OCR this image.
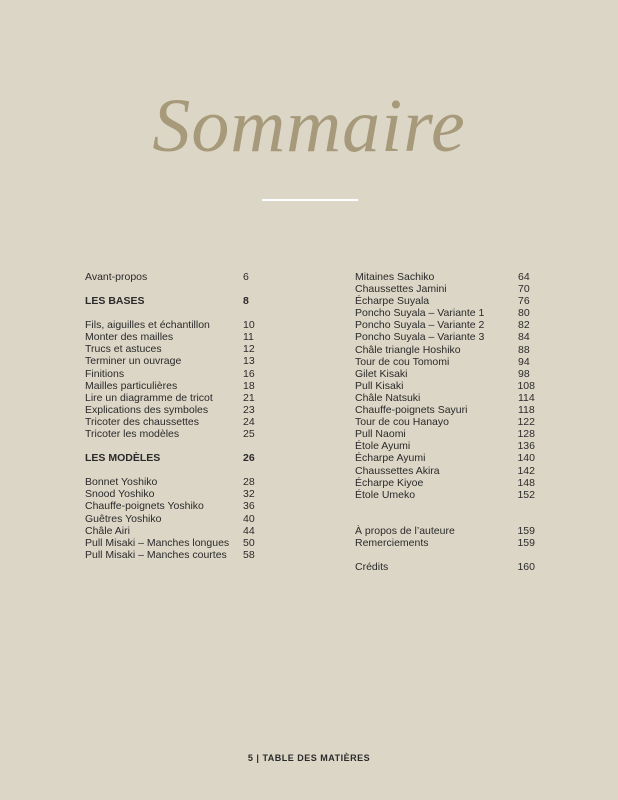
Sommaire
Avant-propos	6
LES BASES	8
Fils, aiguilles et échantillon	10
Monter des mailles	11
Trucs et astuces	12
Terminer un ouvrage	13
Finitions	16
Mailles particulières	18
Lire un diagramme de tricot	21
Explications des symboles	23
Tricoter des chaussettes	24
Tricoter les modèles	25
LES MODÈLES	26
Bonnet Yoshiko	28
Snood Yoshiko	32
Chauffe-poignets Yoshiko	36
Guêtres Yoshiko	40
Châle Airi	44
Pull Misaki – Manches longues 50
Pull Misaki – Manches courtes 58
Mitaines Sachiko	64
Chaussettes Jamini	70
Écharpe Suyala	76
Poncho Suyala – Variante 1	80
Poncho Suyala – Variante 2	82
Poncho Suyala – Variante 3	84
Châle triangle Hoshiko	88
Tour de cou Tomomi	94
Gilet Kisaki	98
Pull Kisaki	108
Châle Natsuki	114
Chauffe-poignets Sayuri	118
Tour de cou Hanayo	122
Pull Naomi	128
Étole Ayumi	136
Écharpe Ayumi	140
Chaussettes Akira	142
Écharpe Kiyoe	148
Étole Umeko	152
À propos de l’auteure	159
Remerciements	159
Crédits	160
5 | TABLE DES MATIÈRES
